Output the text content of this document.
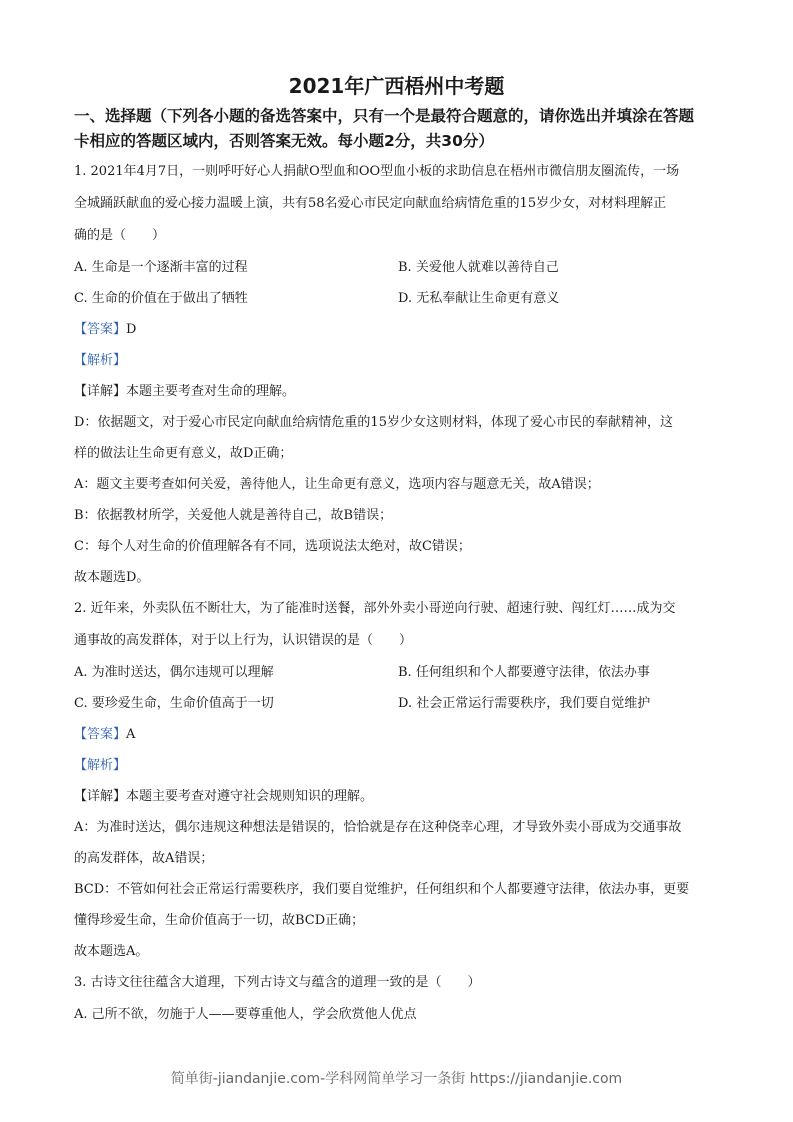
2021年广西梧州中考题
一、选择题（下列各小题的备选答案中，只有一个是最符合题意的，请你选出并填涂在答题
卡相应的答题区域内，否则答案无效。每小题2分，共30分）
1. 2021年4月7日，一则呼吁好心人捐献O型血和OO型血小板的求助信息在梧州市微信朋友圈流传，一场
全城踊跃献血的爱心接力温暖上演，共有58名爱心市民定向献血给病情危重的15岁少女，对材料理解正
确的是（　　）
A. 生命是一个逐渐丰富的过程	B. 关爱他人就难以善待自己
C. 生命的价值在于做出了牺牲	D. 无私奉献让生命更有意义
【答案】D
【解析】
【详解】本题主要考查对生命的理解。
D：依据题文，对于爱心市民定向献血给病情危重的15岁少女这则材料，体现了爱心市民的奉献精神，这
样的做法让生命更有意义，故D正确；
A：题文主要考查如何关爱，善待他人，让生命更有意义，选项内容与题意无关，故A错误；
B：依据教材所学，关爱他人就是善待自己，故B错误；
C：每个人对生命的价值理解各有不同，选项说法太绝对，故C错误；
故本题选D。
2. 近年来，外卖队伍不断壮大，为了能准时送餐，部外外卖小哥逆向行驶、超速行驶、闯红灯……成为交
通事故的高发群体，对于以上行为，认识错误的是（　　）
A. 为准时送达，偶尔违规可以理解	B. 任何组织和个人都要遵守法律，依法办事
C. 要珍爱生命，生命价值高于一切	D. 社会正常运行需要秩序，我们要自觉维护
【答案】A
【解析】
【详解】本题主要考查对遵守社会规则知识的理解。
A：为准时送达，偶尔违规这种想法是错误的，恰恰就是存在这种侥幸心理，才导致外卖小哥成为交通事故
的高发群体，故A错误；
BCD：不管如何社会正常运行需要秩序，我们要自觉维护，任何组织和个人都要遵守法律，依法办事，更要
懂得珍爱生命，生命价值高于一切，故BCD正确；
故本题选A。
3. 古诗文往往蕴含大道理，下列古诗文与蕴含的道理一致的是（　　）
A. 己所不欲，勿施于人——要尊重他人，学会欣赏他人优点
简单街-jiandanjie.com-学科网简单学习一条街 https://jiandanjie.com
